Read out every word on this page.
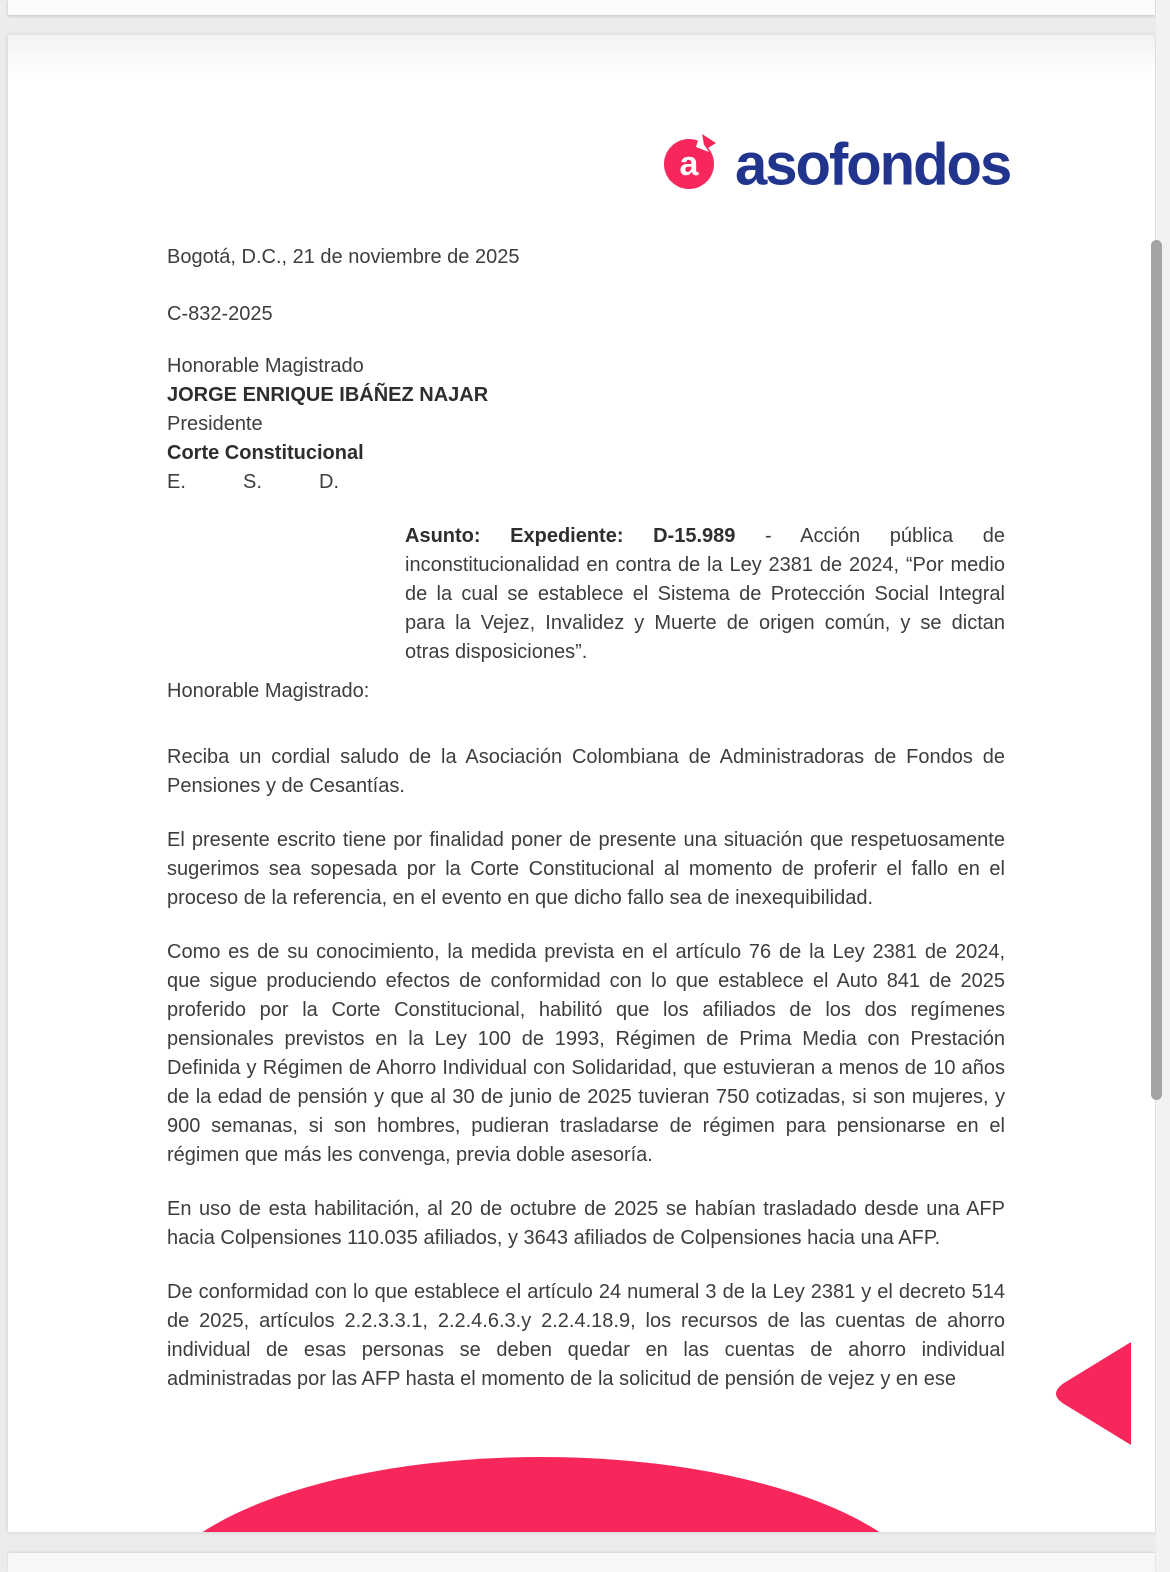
a asofondos

Bogotá, D.C., 21 de noviembre de 2025

C-832-2025

Honorable Magistrado

JORGE ENRIQUE IBÁÑEZ NAJAR

Presidente

Corte Constitucional

E.	S.	D.

Asunto: Expediente: D-15.989 - Acción pública de inconstitucionalidad en contra de la Ley 2381 de 2024, “Por medio de la cual se establece el Sistema de Protección Social Integral para la Vejez, Invalidez y Muerte de origen común, y se dictan otras disposiciones”.

Honorable Magistrado:

Reciba un cordial saludo de la Asociación Colombiana de Administradoras de Fondos de Pensiones y de Cesantías.

El presente escrito tiene por finalidad poner de presente una situación que respetuosamente sugerimos sea sopesada por la Corte Constitucional al momento de proferir el fallo en el proceso de la referencia, en el evento en que dicho fallo sea de inexequibilidad.

Como es de su conocimiento, la medida prevista en el artículo 76 de la Ley 2381 de 2024, que sigue produciendo efectos de conformidad con lo que establece el Auto 841 de 2025 proferido por la Corte Constitucional, habilitó que los afiliados de los dos regímenes pensionales previstos en la Ley 100 de 1993, Régimen de Prima Media con Prestación Definida y Régimen de Ahorro Individual con Solidaridad, que estuvieran a menos de 10 años de la edad de pensión y que al 30 de junio de 2025 tuvieran 750 cotizadas, si son mujeres, y 900 semanas, si son hombres, pudieran trasladarse de régimen para pensionarse en el régimen que más les convenga, previa doble asesoría.

En uso de esta habilitación, al 20 de octubre de 2025 se habían trasladado desde una AFP hacia Colpensiones 110.035 afiliados, y 3643 afiliados de Colpensiones hacia una AFP.

De conformidad con lo que establece el artículo 24 numeral 3 de la Ley 2381 y el decreto 514 de 2025, artículos 2.2.3.3.1, 2.2.4.6.3.y 2.2.4.18.9, los recursos de las cuentas de ahorro individual de esas personas se deben quedar en las cuentas de ahorro individual administradas por las AFP hasta el momento de la solicitud de pensión de vejez y en ese
